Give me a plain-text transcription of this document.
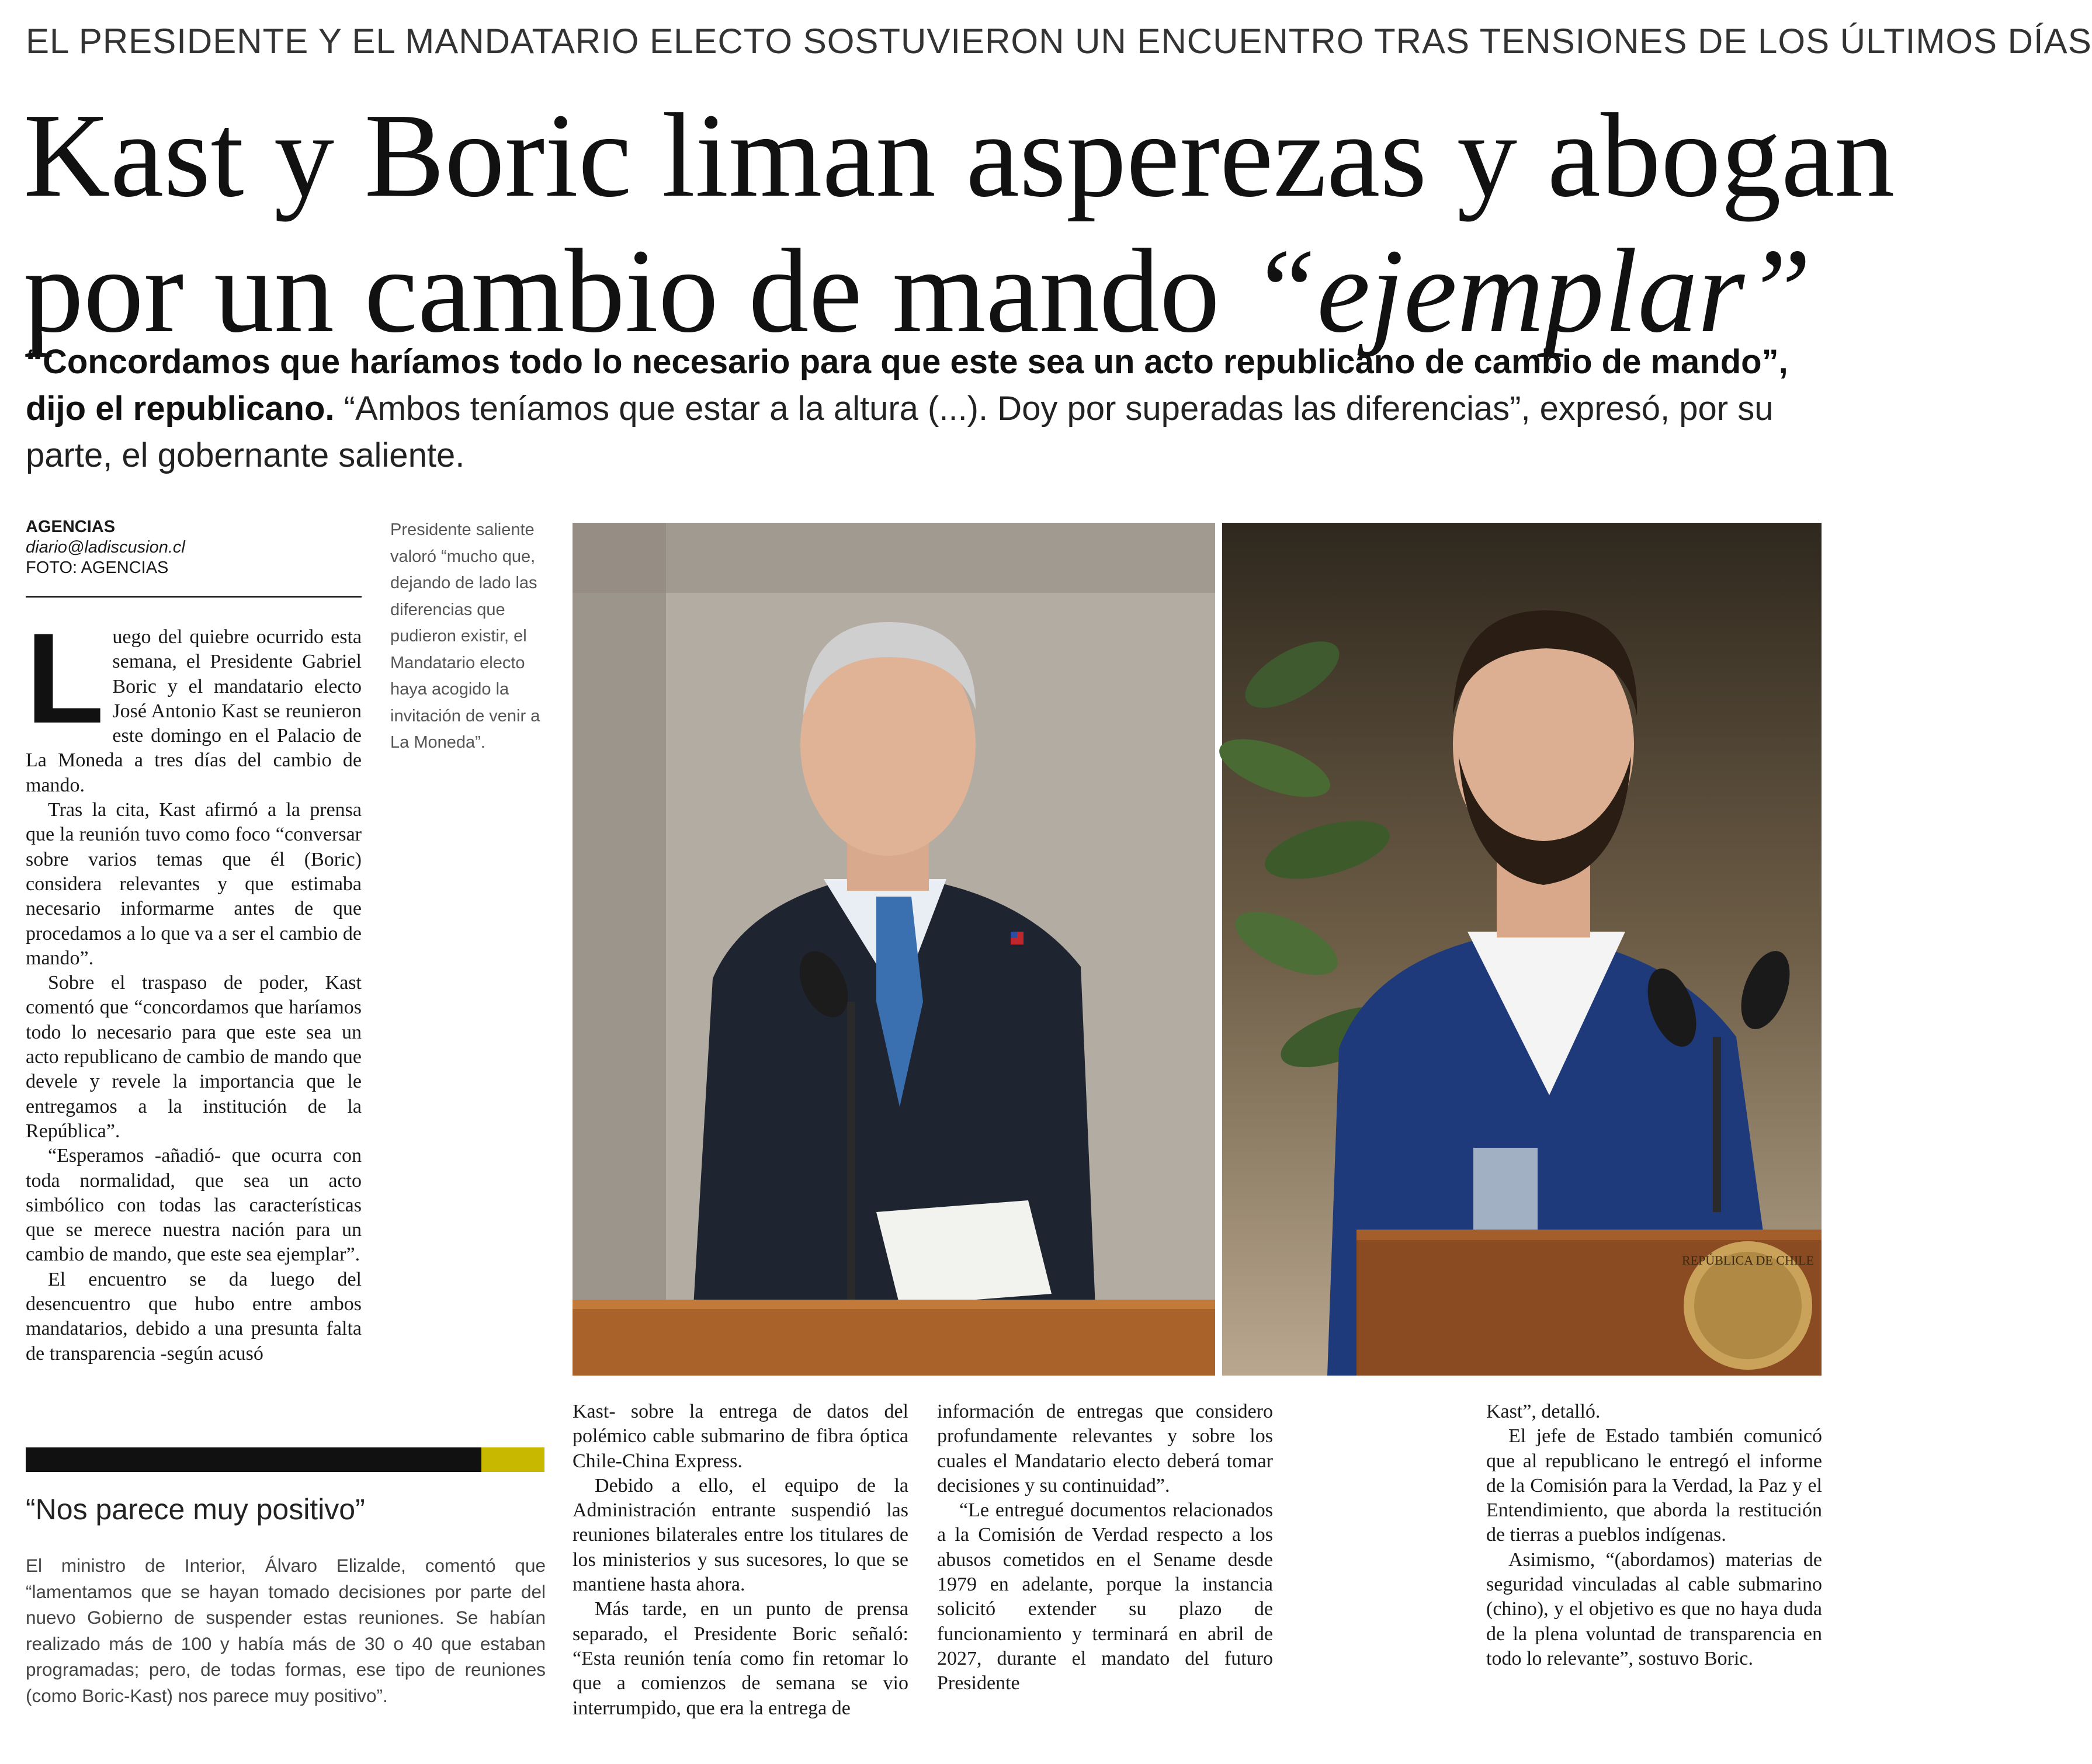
EL PRESIDENTE Y EL MANDATARIO ELECTO SOSTUVIERON UN ENCUENTRO TRAS TENSIONES DE LOS ÚLTIMOS DÍAS
Kast y Boric liman asperezas y abogan
por un cambio de mando “ejemplar”
“Concordamos que haríamos todo lo necesario para que este sea un acto republicano de cambio de mando”, dijo el republicano. “Ambos teníamos que estar a la altura (...). Doy por superadas las diferencias”, expresó, por su parte, el gobernante saliente.
AGENCIAS
diario@ladiscusion.cl
FOTO: AGENCIAS
Presidente saliente valoró “mucho que, dejando de lado las diferencias que pudieron existir, el Mandatario electo haya acogido la invitación de venir a La Moneda”.
L uego del quiebre ocurrido esta semana, el Presidente Gabriel Boric y el mandatario electo José Antonio Kast se reunieron este domingo en el Palacio de La Moneda a tres días del cambio de mando.

Tras la cita, Kast afirmó a la prensa que la reunión tuvo como foco “conversar sobre varios temas que él (Boric) considera relevantes y que estimaba necesario informarme antes de que procedamos a lo que va a ser el cambio de mando”.

Sobre el traspaso de poder, Kast comentó que “concordamos que haríamos todo lo necesario para que este sea un acto republicano de cambio de mando que devele y revele la importancia que le entregamos a la institución de la República”.

“Esperamos -añadió- que ocurra con toda normalidad, que sea un acto simbólico con todas las características que se merece nuestra nación para un cambio de mando, que este sea ejemplar”.

El encuentro se da luego del desencuentro que hubo entre ambos mandatarios, debido a una presunta falta de transparencia -según acusó

Kast- sobre la entrega de datos del polémico cable submarino de fibra óptica Chile-China Express.

Debido a ello, el equipo de la Administración entrante suspendió las reuniones bilaterales entre los titulares de los ministerios y sus sucesores, lo que se mantiene hasta ahora.

Más tarde, en un punto de prensa separado, el Presidente Boric señaló: “Esta reunión tenía como fin retomar lo que a comienzos de semana se vio interrumpido, que era la entrega de

información de entregas que considero profundamente relevantes y sobre los cuales el Mandatario electo deberá tomar decisiones y su continuidad”.

“Le entregué documentos relacionados a la Comisión de Verdad respecto a los abusos cometidos en el Sename desde 1979 en adelante, porque la instancia solicitó extender su plazo de funcionamiento y terminará en abril de 2027, durante el mandato del futuro Presidente

Kast”, detalló.

El jefe de Estado también comunicó que al republicano le entregó el informe de la Comisión para la Verdad, la Paz y el Entendimiento, que aborda la restitución de tierras a pueblos indígenas.

Asimismo, “(abordamos) materias de seguridad vinculadas al cable submarino (chino), y el objetivo es que no haya duda de la plena voluntad de transparencia en todo lo relevante”, sostuvo Boric.

“Nos parece muy positivo”
El ministro de Interior, Álvaro Elizalde, comentó que “lamentamos que se hayan tomado decisiones por parte del nuevo Gobierno de suspender estas reuniones. Se habían realizado más de 100 y había más de 30 o 40 que estaban programadas; pero, de todas formas, ese tipo de reuniones (como Boric-Kast) nos parece muy positivo”.
REPÚBLICA DE CHILE
